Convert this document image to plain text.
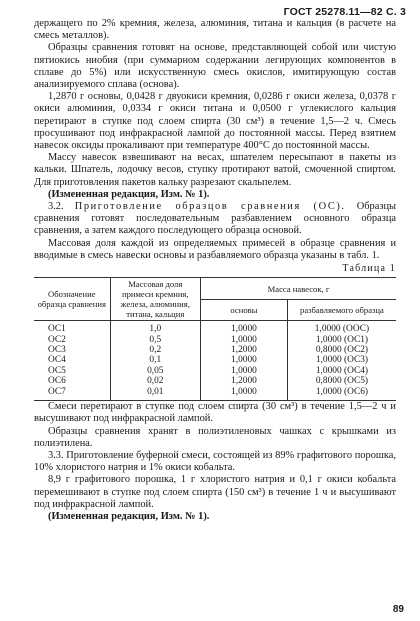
ГОСТ 25278.11—82 С. 3

держащего по 2% кремния, железа, алюминия, титана и кальция (в расчете на смесь металлов).

Образцы сравнения готовят на основе, представляющей собой или чистую пятиокись ниобия (при суммарном содержании легирующих компонентов в сплаве до 5%) или искусственную смесь окислов, имитирующую состав анализируемого сплава (основа).

1,2870 г основы, 0,0428 г двуокиси кремния, 0,0286 г окиси железа, 0,0378 г окиси алюминия, 0,0334 г окиси титана и 0,0500 г углекислого кальция перетирают в ступке под слоем спирта (30 см³) в течение 1,5—2 ч. Смесь просушивают под инфракрасной лампой до постоянной массы. Перед взятием навесок оксиды прокаливают при температуре 400°С до постоянной массы.

Массу навесок взвешивают на весах, шпателем пересыпают в пакеты из кальки. Шпатель, лодочку весов, ступку протирают ватой, смоченной спиртом. Для приготовления пакетов кальку разрезают скальпелем.

(Измененная редакция, Изм. № 1).

3.2. Приготовление образцов сравнения (ОС). Образцы сравнения готовят последовательным разбавлением основного образца сравнения, а затем каждого последующего образца основой.

Массовая доля каждой из определяемых примесей в образце сравнения и вводимые в смесь навески основы и разбавляемого образца указаны в табл. 1.

Таблица 1
Обозначение образца сравнения	Массовая доля примеси кремния, железа, алюминия, титана, кальция	Масса навесок, г	
		основы	разбавляемого образца
ОС1	1,0	1,0000	1,0000 (ООС)
ОС2	0,5	1,0000	1,0000 (ОС1)
ОС3	0,2	1,2000	0,8000 (ОС2)
ОС4	0,1	1,0000	1,0000 (ОС3)
ОС5	0,05	1,0000	1,0000 (ОС4)
ОС6	0,02	1,2000	0,8000 (ОС5)
ОС7	0,01	1,0000	1,0000 (ОС6)

Смеси перетирают в ступке под слоем спирта (30 см³) в течение 1,5—2 ч и высушивают под инфракрасной лампой.

Образцы сравнения хранят в полиэтиленовых чашках с крышками из полиэтилена.

3.3. Приготовление буферной смеси, состоящей из 89% графитового порошка, 10% хлористого натрия и 1% окиси кобальта.

8,9 г графитового порошка, 1 г хлористого натрия и 0,1 г окиси кобальта перемешивают в ступке под слоем спирта (150 см³) в течение 1 ч и высушивают под инфракрасной лампой.

(Измененная редакция, Изм. № 1).

89
